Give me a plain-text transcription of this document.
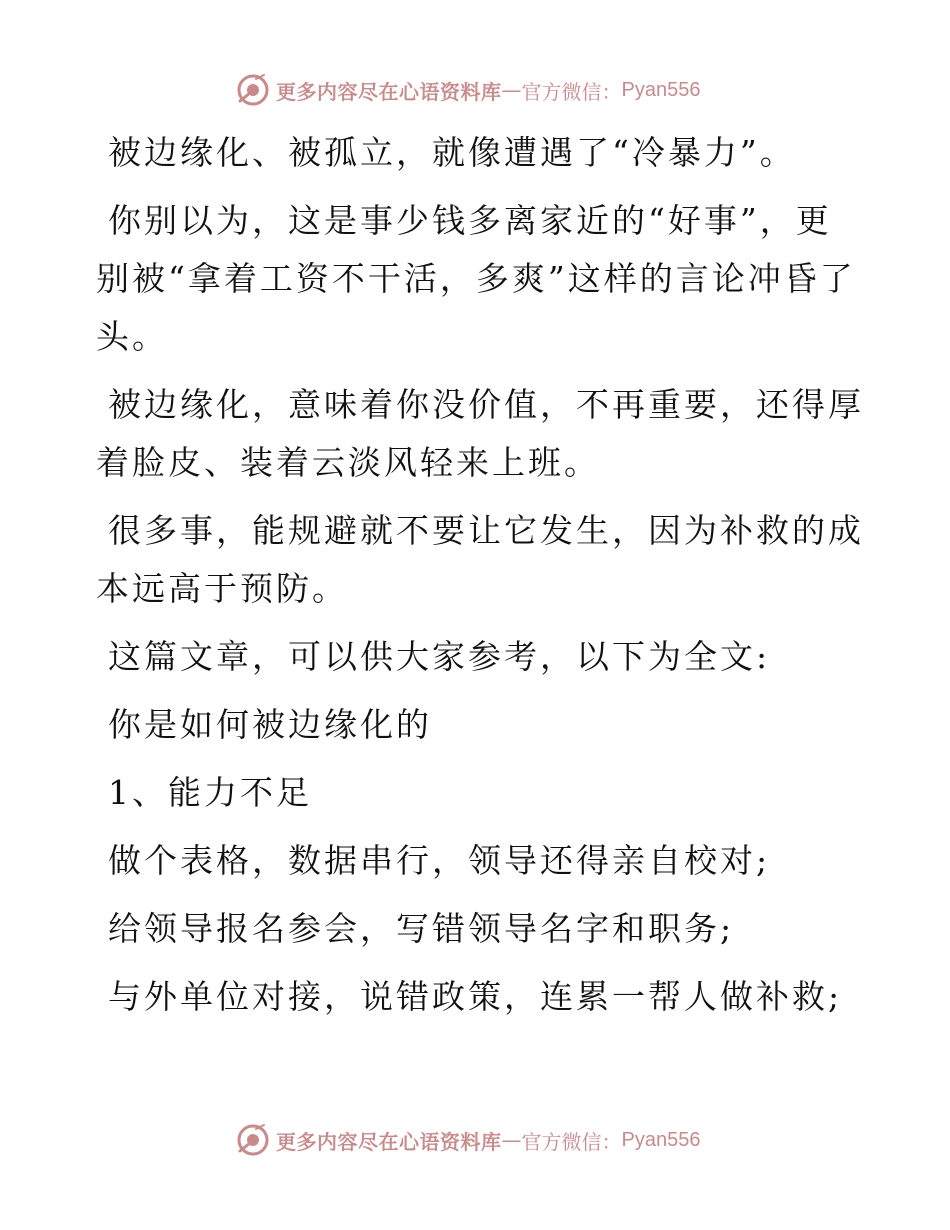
更多内容尽在心语资料库 — 官方微信： Pyan556

被边缘化、被孤立，就像遭遇了“冷暴力”。

你别以为，这是事少钱多离家近的“好事”，更别被“拿着工资不干活，多爽”这样的言论冲昏了头。

被边缘化，意味着你没价值，不再重要，还得厚着脸皮、装着云淡风轻来上班。

很多事，能规避就不要让它发生，因为补救的成本远高于预防。

这篇文章，可以供大家参考，以下为全文:

你是如何被边缘化的

1、能力不足

做个表格，数据串行，领导还得亲自校对;

给领导报名参会，写错领导名字和职务;

与外单位对接，说错政策，连累一帮人做补救;

更多内容尽在心语资料库 — 官方微信： Pyan556
